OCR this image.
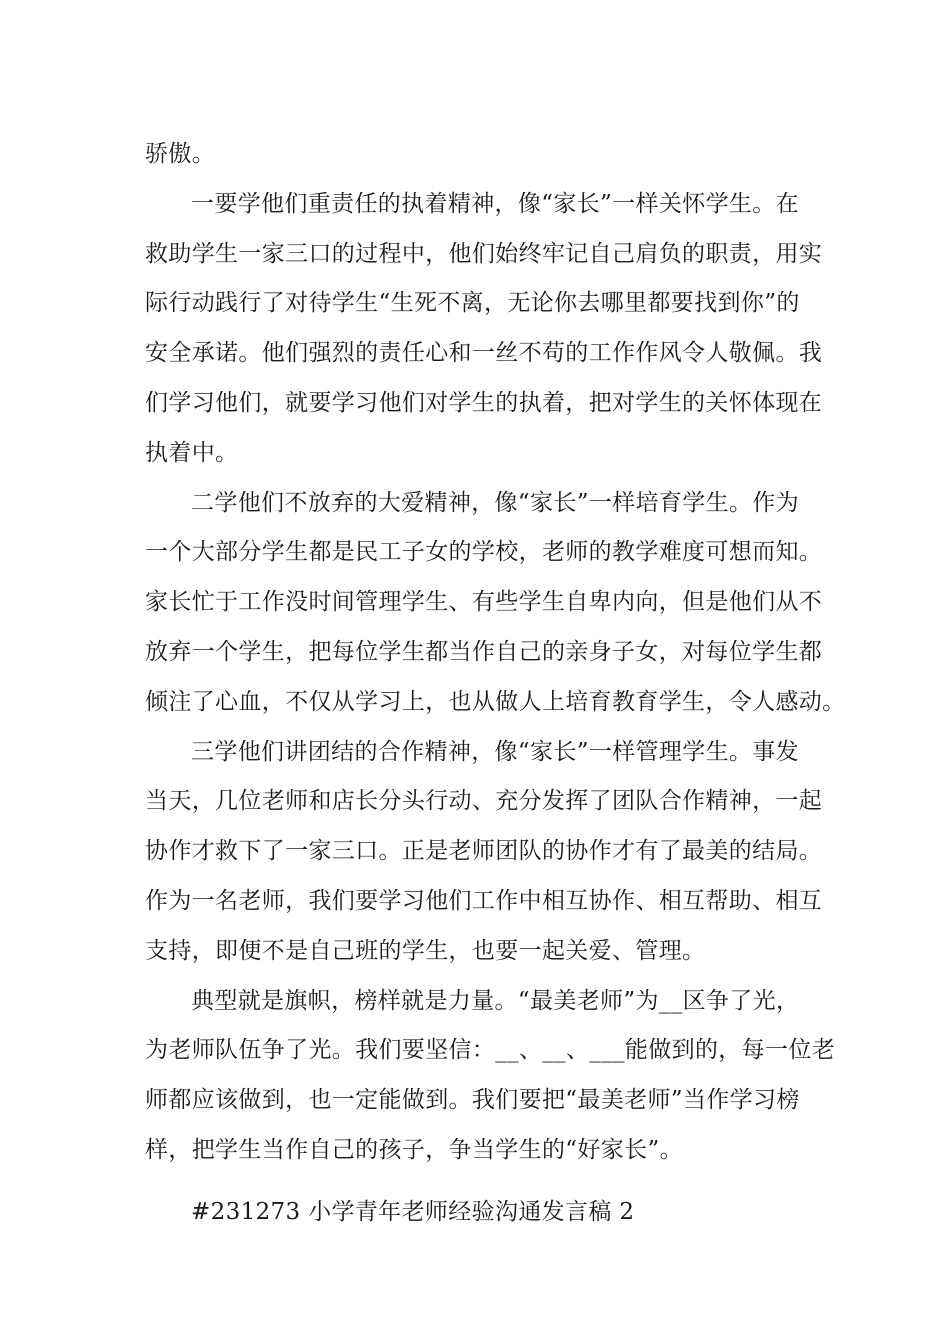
骄傲。
一要学他们重责任的执着精神，像“家长”一样关怀学生。在
救助学生一家三口的过程中，他们始终牢记自己肩负的职责，用实
际行动践行了对待学生“生死不离，无论你去哪里都要找到你”的
安全承诺。他们强烈的责任心和一丝不苟的工作作风令人敬佩。我
们学习他们，就要学习他们对学生的执着，把对学生的关怀体现在
执着中。
二学他们不放弃的大爱精神，像“家长”一样培育学生。作为
一个大部分学生都是民工子女的学校，老师的教学难度可想而知。
家长忙于工作没时间管理学生、有些学生自卑内向，但是他们从不
放弃一个学生，把每位学生都当作自己的亲身子女，对每位学生都
倾注了心血，不仅从学习上，也从做人上培育教育学生，令人感动。
三学他们讲团结的合作精神，像“家长”一样管理学生。事发
当天，几位老师和店长分头行动、充分发挥了团队合作精神，一起
协作才救下了一家三口。正是老师团队的协作才有了最美的结局。
作为一名老师，我们要学习他们工作中相互协作、相互帮助、相互
支持，即便不是自己班的学生，也要一起关爱、管理。
典型就是旗帜，榜样就是力量。“最美老师”为__区争了光，
为老师队伍争了光。我们要坚信：__、__、___能做到的，每一位老
师都应该做到，也一定能做到。我们要把“最美老师”当作学习榜
样，把学生当作自己的孩子，争当学生的“好家长”。
#231273 小学青年老师经验沟通发言稿 2
